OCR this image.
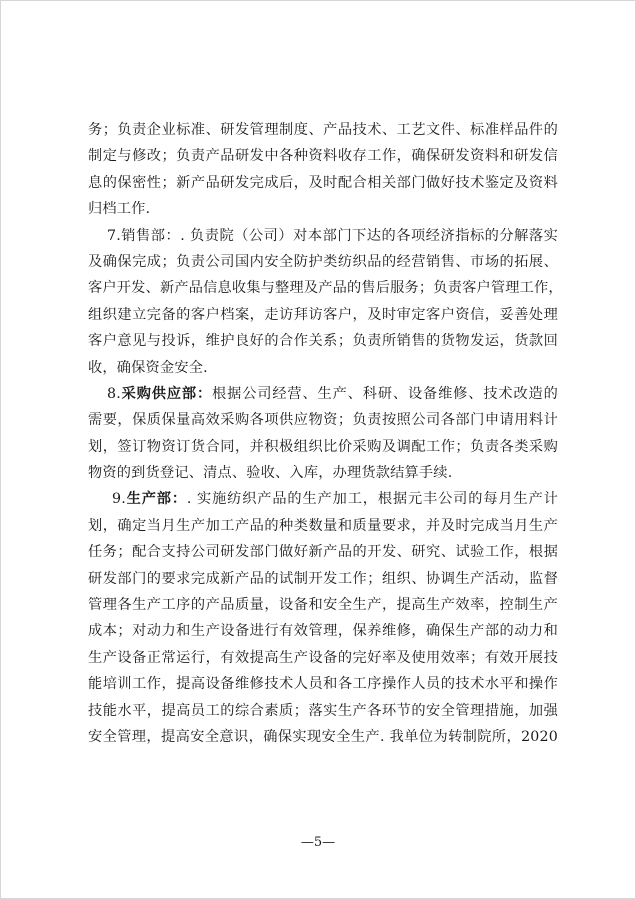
务；负责企业标准、研发管理制度、产品技术、工艺文件、标准样品件的
制定与修改；负责产品研发中各种资料收存工作，确保研发资料和研发信
息的保密性；新产品研发完成后，及时配合相关部门做好技术鉴定及资料
归档工作.
7.销售部：. 负责院（公司）对本部门下达的各项经济指标的分解落实
及确保完成；负责公司国内安全防护类纺织品的经营销售、市场的拓展、
客户开发、新产品信息收集与整理及产品的售后服务；负责客户管理工作，
组织建立完备的客户档案，走访拜访客户，及时审定客户资信，妥善处理
客户意见与投诉，维护良好的合作关系；负责所销售的货物发运，货款回
收，确保资金安全.
8.采购供应部：根据公司经营、生产、科研、设备维修、技术改造的
需要，保质保量高效采购各项供应物资；负责按照公司各部门申请用料计
划，签订物资订货合同，并积极组织比价采购及调配工作；负责各类采购
物资的到货登记、清点、验收、入库，办理货款结算手续.
9.生产部：. 实施纺织产品的生产加工，根据元丰公司的每月生产计
划，确定当月生产加工产品的种类数量和质量要求，并及时完成当月生产
任务；配合支持公司研发部门做好新产品的开发、研究、试验工作，根据
研发部门的要求完成新产品的试制开发工作；组织、协调生产活动，监督
管理各生产工序的产品质量，设备和安全生产，提高生产效率，控制生产
成本；对动力和生产设备进行有效管理，保养维修，确保生产部的动力和
生产设备正常运行，有效提高生产设备的完好率及使用效率；有效开展技
能培训工作，提高设备维修技术人员和各工序操作人员的技术水平和操作
技能水平，提高员工的综合素质；落实生产各环节的安全管理措施，加强
安全管理，提高安全意识，确保实现安全生产. 我单位为转制院所，2020
—5—
